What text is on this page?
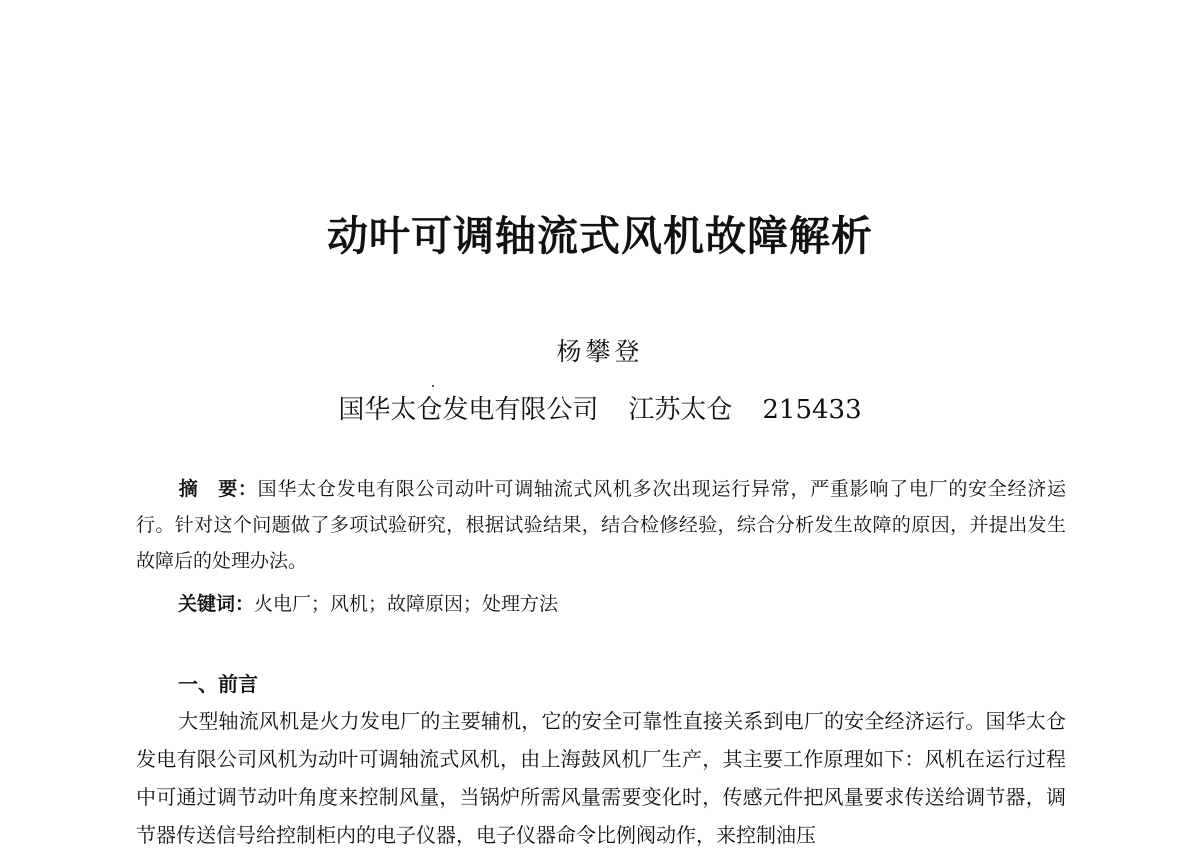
动叶可调轴流式风机故障解析
杨攀登
国华太仓发电有限公司 江苏太仓 215433
摘　要：国华太仓发电有限公司动叶可调轴流式风机多次出现运行异常，严重影响了电厂的安全经济运行。针对这个问题做了多项试验研究，根据试验结果，结合检修经验，综合分析发生故障的原因，并提出发生故障后的处理办法。
关键词：火电厂；风机；故障原因；处理方法
一、前言
大型轴流风机是火力发电厂的主要辅机，它的安全可靠性直接关系到电厂的安全经济运行。国华太仓发电有限公司风机为动叶可调轴流式风机，由上海鼓风机厂生产，其主要工作原理如下：风机在运行过程中可通过调节动叶角度来控制风量，当锅炉所需风量需要变化时，传感元件把风量要求传送给调节器，调节器传送信号给控制柜内的电子仪器，电子仪器命令比例阀动作，来控制油压
